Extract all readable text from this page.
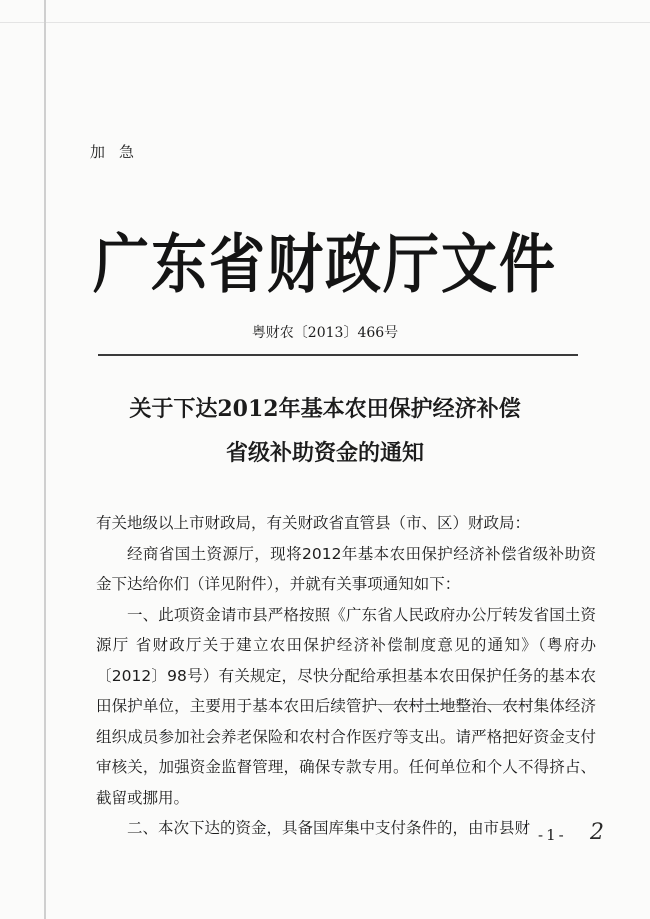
加急
广东省财政厅文件
粤财农〔2013〕466号
关于下达2012年基本农田保护经济补偿
省级补助资金的通知

有关地级以上市财政局，有关财政省直管县（市、区）财政局：

经商省国土资源厅，现将2012年基本农田保护经济补偿省级补助资金下达给你们（详见附件），并就有关事项通知如下：

一、此项资金请市县严格按照《广东省人民政府办公厅转发省国土资源厅 省财政厅关于建立农田保护经济补偿制度意见的通知》（粤府办〔2012〕98号）有关规定，尽快分配给承担基本农田保护任务的基本农田保护单位，主要用于基本农田后续管护、农村土地整治、农村集体经济组织成员参加社会养老保险和农村合作医疗等支出。请严格把好资金支付审核关，加强资金监督管理，确保专款专用。任何单位和个人不得挤占、截留或挪用。

二、本次下达的资金，具备国库集中支付条件的，由市县财 -1- 2
